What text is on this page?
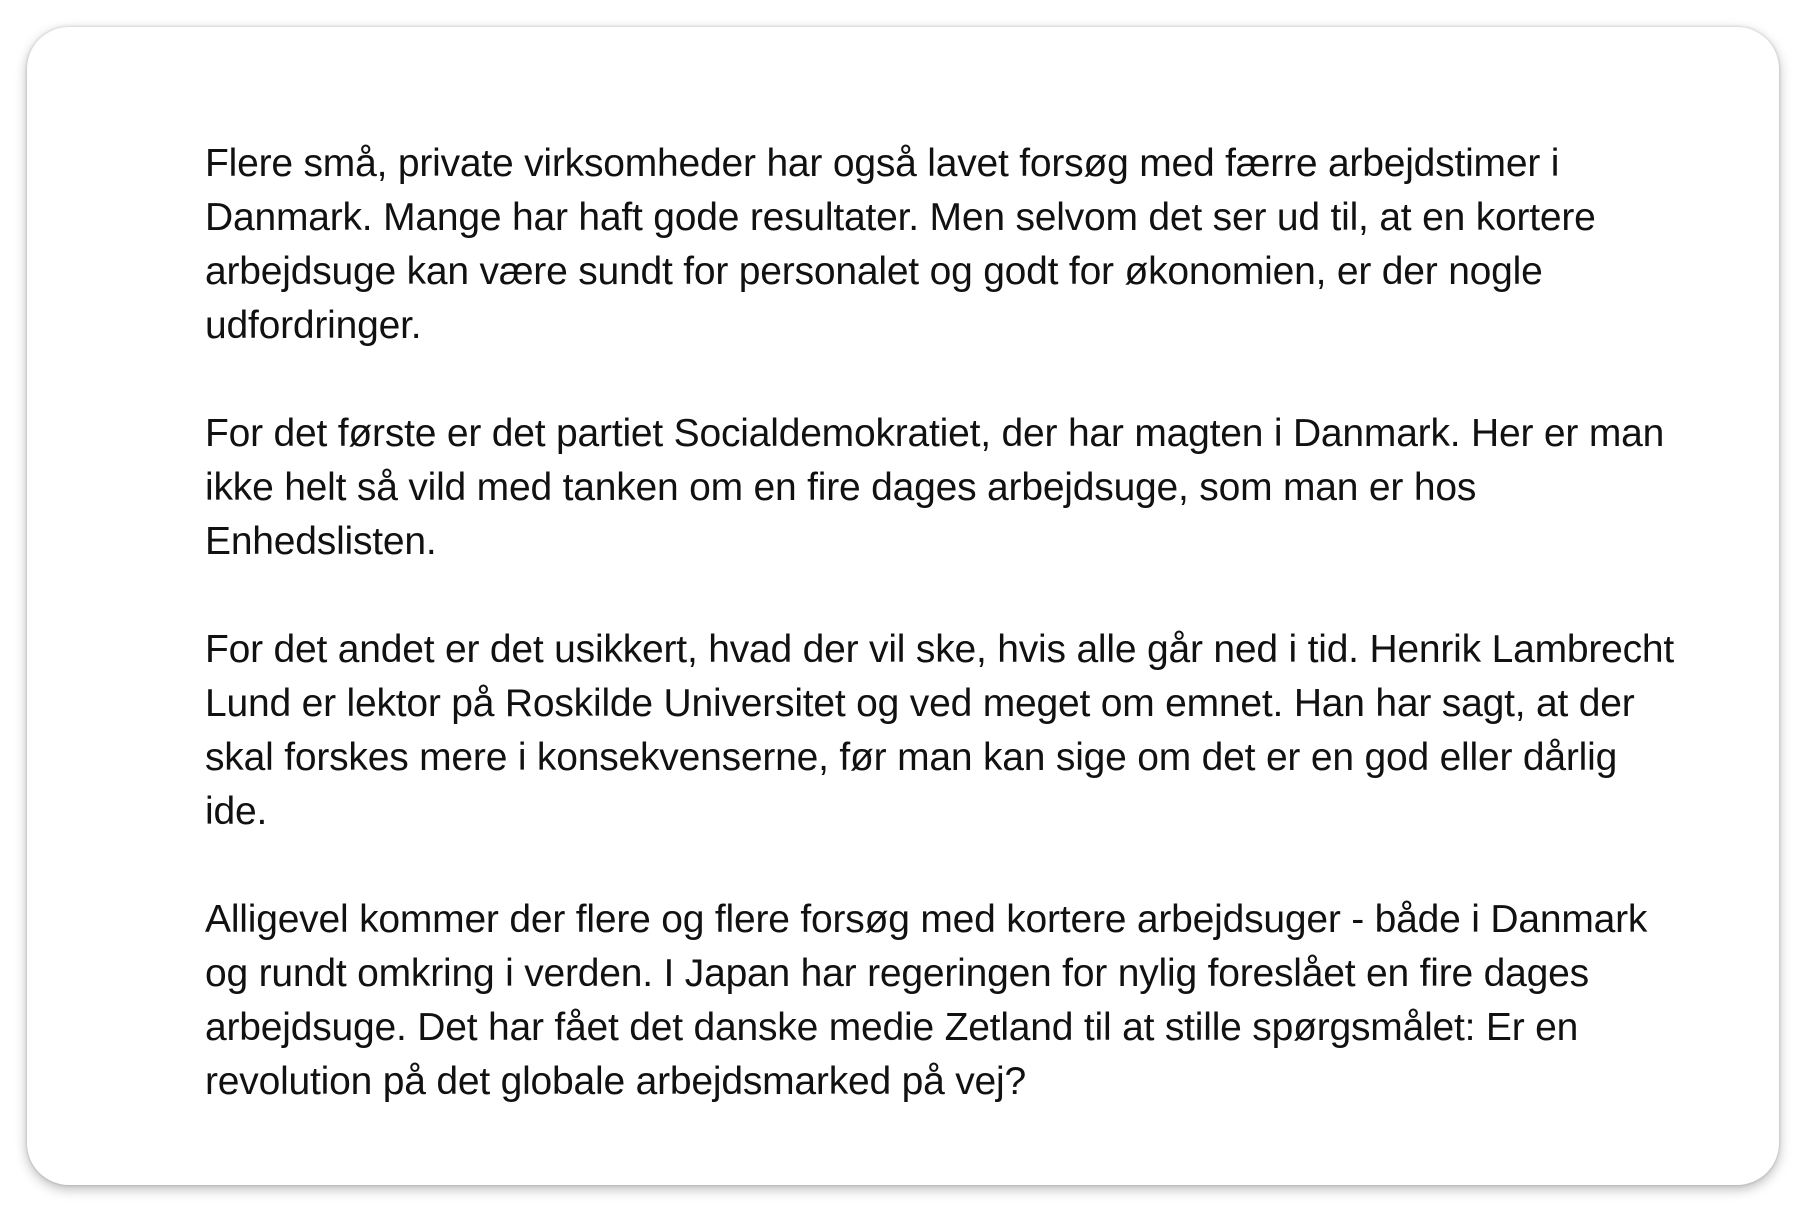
Flere små, private virksomheder har også lavet forsøg med færre arbejdstimer i Danmark. Mange har haft gode resultater. Men selvom det ser ud til, at en kortere arbejdsuge kan være sundt for personalet og godt for økonomien, er der nogle udfordringer.

For det første er det partiet Socialdemokratiet, der har magten i Danmark. Her er man ikke helt så vild med tanken om en fire dages arbejdsuge, som man er hos Enhedslisten.

For det andet er det usikkert, hvad der vil ske, hvis alle går ned i tid. Henrik Lambrecht Lund er lektor på Roskilde Universitet og ved meget om emnet. Han har sagt, at der skal forskes mere i konsekvenserne, før man kan sige om det er en god eller dårlig ide.

Alligevel kommer der flere og flere forsøg med kortere arbejdsuger - både i Danmark og rundt omkring i verden. I Japan har regeringen for nylig foreslået en fire dages arbejdsuge. Det har fået det danske medie Zetland til at stille spørgsmålet: Er en revolution på det globale arbejdsmarked på vej?
